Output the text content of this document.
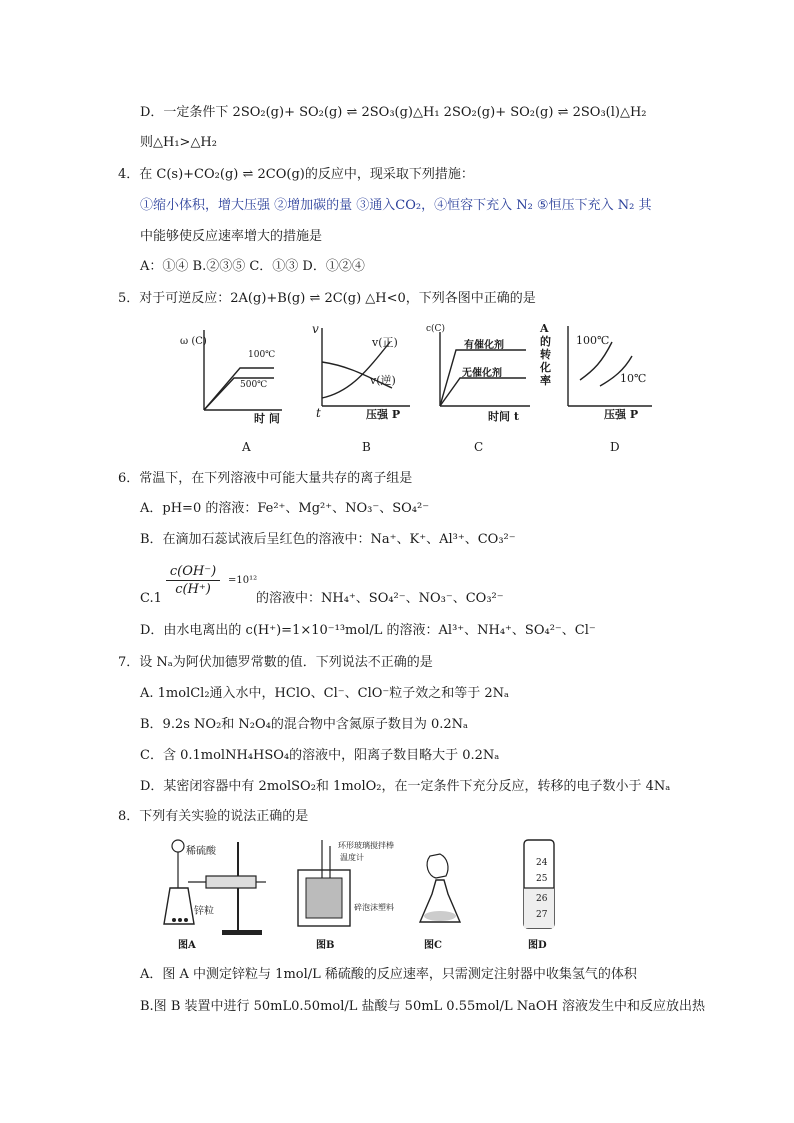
D．一定条件下 2SO₂(g)+ SO₂(g) ⇌ 2SO₃(g)△H₁ 2SO₂(g)+ SO₂(g) ⇌ 2SO₃(l)△H₂
则△H₁>△H₂
4．在 C(s)+CO₂(g) ⇌ 2CO(g)的反应中，现采取下列措施：
①缩小体积，增大压强 ②增加碳的量 ③通入CO₂，④恒容下充入 N₂ ⑤恒压下充入 N₂ 其
中能够使反应速率增大的措施是
A：①④ B.②③⑤ C．①③ D．①②④
5．对于可逆反应：2A(g)+B(g) ⇌ 2C(g) △H<0，下列各图中正确的是
ω (C)
100℃
500℃
时 间
A
v
v(正)
v(逆)
t	压强 P
B
c(C)
有催化剂
无催化剂
时间 t
C
A的转化率
100℃
10℃
压强 P
D
6．常温下，在下列溶液中可能大量共存的离子组是
A．pH=0 的溶液：Fe²⁺、Mg²⁺、NO₃⁻、SO₄²⁻
B．在滴加石蕊试液后呈红色的溶液中：Na⁺、K⁺、Al³⁺、CO₃²⁻
C.1
c(OH⁻)
c(H⁺)
=10¹²
的溶液中：NH₄⁺、SO₄²⁻、NO₃⁻、CO₃²⁻
D．由水电离出的 c(H⁺)=1×10⁻¹³mol/L 的溶液：Al³⁺、NH₄⁺、SO₄²⁻、Cl⁻
7．设 Nₐ为阿伏加德罗常數的值．下列说法不正确的是
A. 1molCl₂通入水中，HClO、Cl⁻、ClO⁻粒子效之和等于 2Nₐ
B．9.2s NO₂和 N₂O₄的混合物中含氮原子数目为 0.2Nₐ
C．含 0.1molNH₄HSO₄的溶液中，阳离子数目略大于 0.2Nₐ
D．某密闭容器中有 2molSO₂和 1molO₂，在一定条件下充分反应，转移的电子数小于 4Nₐ
8．下列有关实验的说法正确的是
稀硫酸
锌粒
图A
环形玻璃搅拌棒
温度计
碎泡沫塑料
图B	图C
24
25
26
27
图D
A．图 A 中测定锌粒与 1mol/L 稀硫酸的反应速率，只需测定注射器中收集氢气的体积
B.图 B 装置中进行 50mL0.50mol/L 盐酸与 50mL 0.55mol/L NaOH 溶液发生中和反应放出热
